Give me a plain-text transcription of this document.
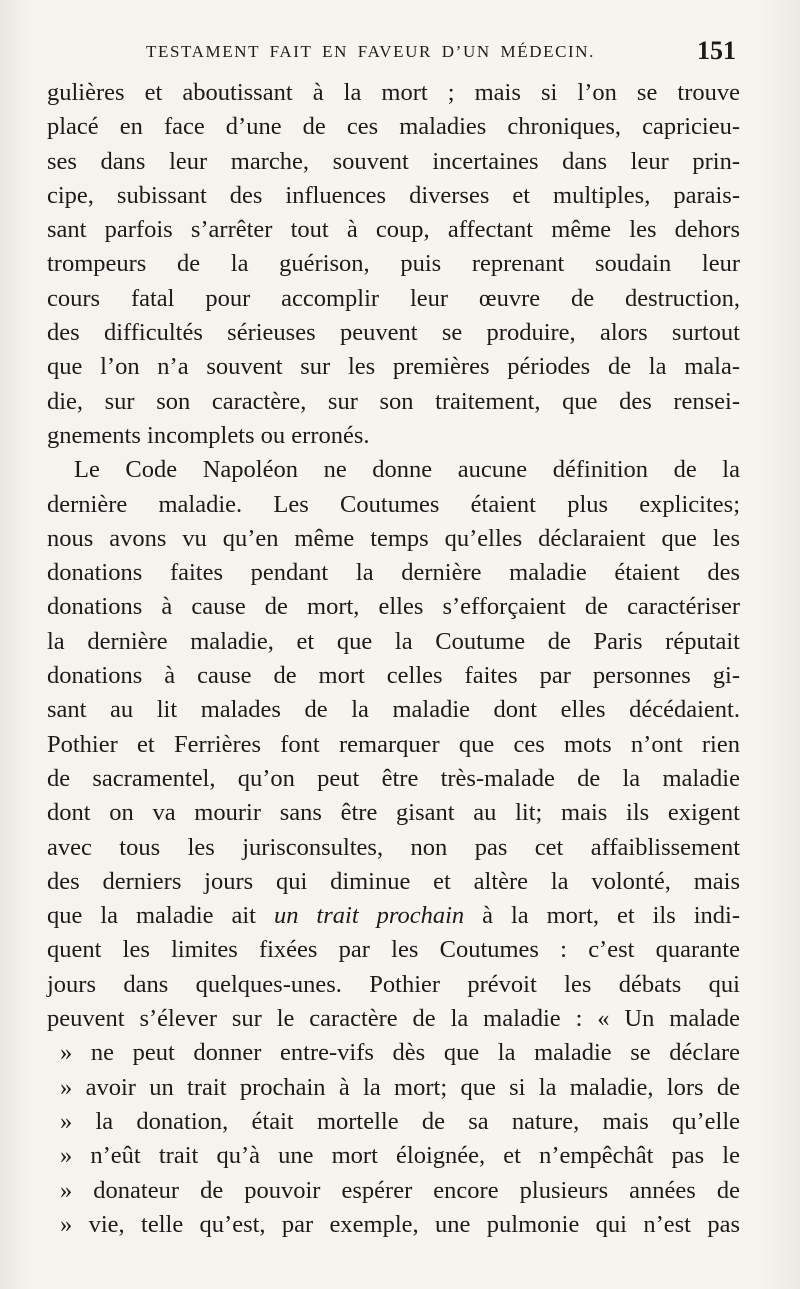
TESTAMENT FAIT EN FAVEUR D’UN MÉDECIN.	151
gulières et aboutissant à la mort ; mais si l’on se trouve
placé en face d’une de ces maladies chroniques, capricieu-
ses dans leur marche, souvent incertaines dans leur prin-
cipe, subissant des influences diverses et multiples, parais-
sant parfois s’arrêter tout à coup, affectant même les dehors
trompeurs de la guérison, puis reprenant soudain leur
cours fatal pour accomplir leur œuvre de destruction,
des difficultés sérieuses peuvent se produire, alors surtout
que l’on n’a souvent sur les premières périodes de la mala-
die, sur son caractère, sur son traitement, que des rensei-
gnements incomplets ou erronés.
Le Code Napoléon ne donne aucune définition de la
dernière maladie. Les Coutumes étaient plus explicites;
nous avons vu qu’en même temps qu’elles déclaraient que les
donations faites pendant la dernière maladie étaient des
donations à cause de mort, elles s’efforçaient de caractériser
la dernière maladie, et que la Coutume de Paris réputait
donations à cause de mort celles faites par personnes gi-
sant au lit malades de la maladie dont elles décédaient.
Pothier et Ferrières font remarquer que ces mots n’ont rien
de sacramentel, qu’on peut être très-malade de la maladie
dont on va mourir sans être gisant au lit; mais ils exigent
avec tous les jurisconsultes, non pas cet affaiblissement
des derniers jours qui diminue et altère la volonté, mais
que la maladie ait un trait prochain à la mort, et ils indi-
quent les limites fixées par les Coutumes : c’est quarante
jours dans quelques-unes. Pothier prévoit les débats qui
peuvent s’élever sur le caractère de la maladie : « Un malade
» ne peut donner entre-vifs dès que la maladie se déclare
» avoir un trait prochain à la mort; que si la maladie, lors de
» la donation, était mortelle de sa nature, mais qu’elle
» n’eût trait qu’à une mort éloignée, et n’empêchât pas le
» donateur de pouvoir espérer encore plusieurs années de
» vie, telle qu’est, par exemple, une pulmonie qui n’est pas
